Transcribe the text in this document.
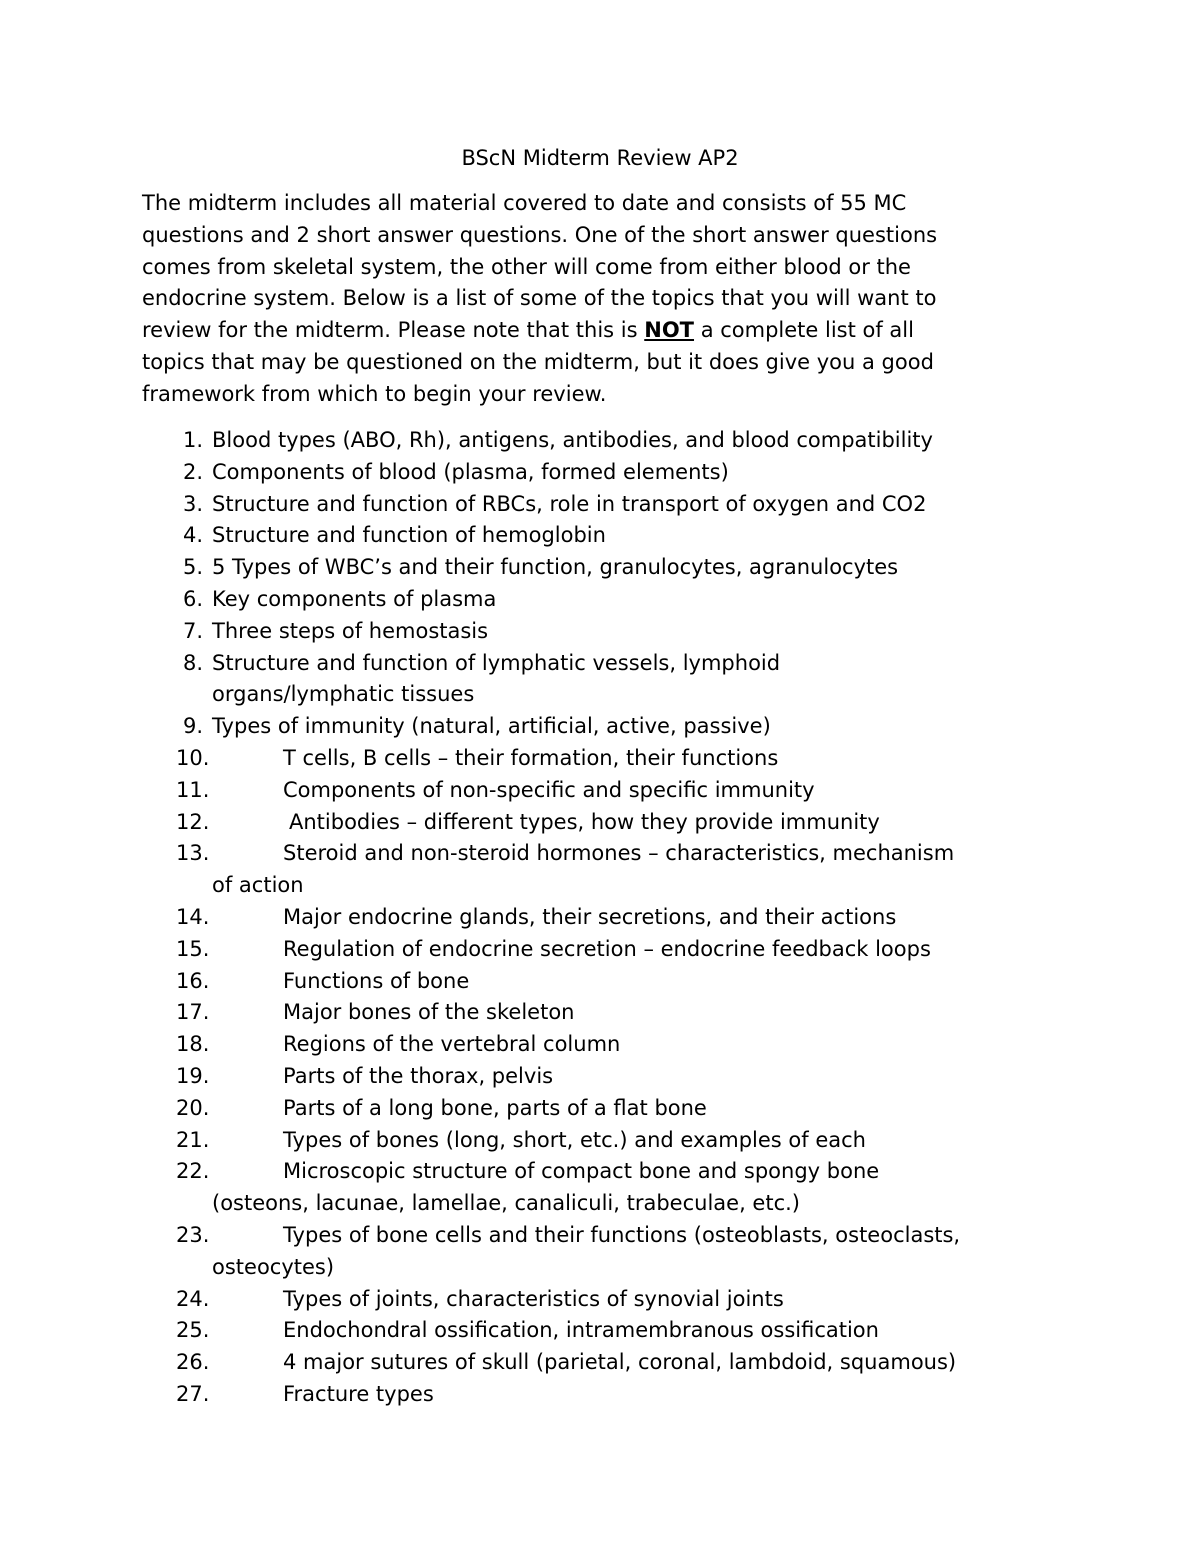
BScN Midterm Review AP2
The midterm includes all material covered to date and consists of 55 MC
questions and 2 short answer questions. One of the short answer questions
comes from skeletal system, the other will come from either blood or the
endocrine system. Below is a list of some of the topics that you will want to
review for the midterm. Please note that this is NOT a complete list of all
topics that may be questioned on the midterm, but it does give you a good
framework from which to begin your review.
1. Blood types (ABO, Rh), antigens, antibodies, and blood compatibility
2. Components of blood (plasma, formed elements)
3. Structure and function of RBCs, role in transport of oxygen and CO2
4. Structure and function of hemoglobin
5. 5 Types of WBC’s and their function, granulocytes, agranulocytes
6. Key components of plasma
7. Three steps of hemostasis
8. Structure and function of lymphatic vessels, lymphoid
organs/lymphatic tissues
9. Types of immunity (natural, artificial, active, passive)
10.	T cells, B cells – their formation, their functions
11.	Components of non-specific and specific immunity
12.	Antibodies – different types, how they provide immunity
13.	Steroid and non-steroid hormones – characteristics, mechanism
of action
14.	Major endocrine glands, their secretions, and their actions
15.	Regulation of endocrine secretion – endocrine feedback loops
16.	Functions of bone
17.	Major bones of the skeleton
18.	Regions of the vertebral column
19.	Parts of the thorax, pelvis
20.	Parts of a long bone, parts of a flat bone
21.	Types of bones (long, short, etc.) and examples of each
22.	Microscopic structure of compact bone and spongy bone
(osteons, lacunae, lamellae, canaliculi, trabeculae, etc.)
23.	Types of bone cells and their functions (osteoblasts, osteoclasts,
osteocytes)
24.	Types of joints, characteristics of synovial joints
25.	Endochondral ossification, intramembranous ossification
26.	4 major sutures of skull (parietal, coronal, lambdoid, squamous)
27.	Fracture types
